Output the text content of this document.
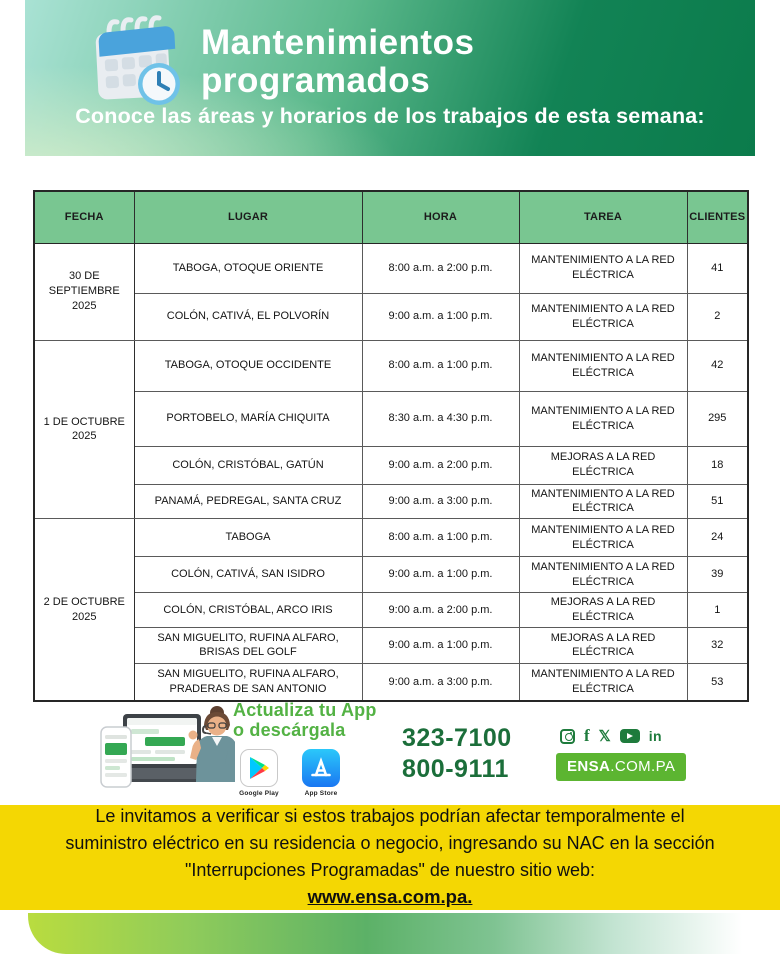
Mantenimientos
programados
Conoce las áreas y horarios de los trabajos de esta semana:
FECHA	LUGAR	HORA	TAREA	CLIENTES
30 DE SEPTIEMBRE 2025	TABOGA, OTOQUE ORIENTE	8:00 a.m. a 2:00 p.m.	MANTENIMIENTO A LA RED ELÉCTRICA	41
	COLÓN, CATIVÁ, EL POLVORÍN	9:00 a.m. a 1:00 p.m.	MANTENIMIENTO A LA RED ELÉCTRICA	2
1 DE OCTUBRE 2025	TABOGA, OTOQUE OCCIDENTE	8:00 a.m. a 1:00 p.m.	MANTENIMIENTO A LA RED ELÉCTRICA	42
	PORTOBELO, MARÍA CHIQUITA	8:30 a.m. a 4:30 p.m.	MANTENIMIENTO A LA RED ELÉCTRICA	295
	COLÓN, CRISTÓBAL, GATÚN	9:00 a.m. a 2:00 p.m.	MEJORAS A LA RED ELÉCTRICA	18
	PANAMÁ, PEDREGAL, SANTA CRUZ	9:00 a.m. a 3:00 p.m.	MANTENIMIENTO A LA RED ELÉCTRICA	51
2 DE OCTUBRE 2025	TABOGA	8:00 a.m. a 1:00 p.m.	MANTENIMIENTO A LA RED ELÉCTRICA	24
	COLÓN, CATIVÁ, SAN ISIDRO	9:00 a.m. a 1:00 p.m.	MANTENIMIENTO A LA RED ELÉCTRICA	39
	COLÓN, CRISTÓBAL, ARCO IRIS	9:00 a.m. a 2:00 p.m.	MEJORAS A LA RED ELÉCTRICA	1
	SAN MIGUELITO, RUFINA ALFARO, BRISAS DEL GOLF	9:00 a.m. a 1:00 p.m.	MEJORAS A LA RED ELÉCTRICA	32
	SAN MIGUELITO, RUFINA ALFARO, PRADERAS DE SAN ANTONIO	9:00 a.m. a 3:00 p.m.	MANTENIMIENTO A LA RED ELÉCTRICA	53
Actualiza tu App
o descárgala
Google Play	App Store
323-7100
800-9111
f 𝕏	in
ENSA.COM.PA
Le invitamos a verificar si estos trabajos podrían afectar temporalmente el suministro eléctrico en su residencia o negocio, ingresando su NAC en la sección "Interrupciones Programadas" de nuestro sitio web:
www.ensa.com.pa.
